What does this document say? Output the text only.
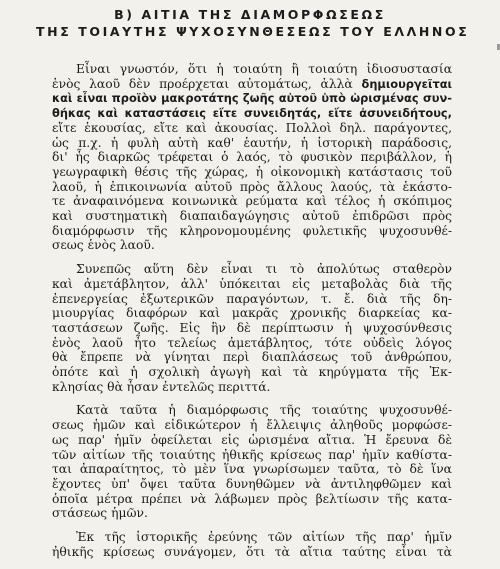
Β) ΑΙΤΙΑ ΤΗΣ ΔΙΑΜΟΡΦΩΣΕΩΣ
ΤΗΣ ΤΟΙΑΥΤΗΣ ΨΥΧΟΣΥΝΘΕΣΕΩΣ ΤΟΥ ΕΛΛΗΝΟΣ
Εἶναι γνωστόν, ὅτι ἡ τοιαύτη ἢ τοιαύτη ἰδιοσυστασία
ἑνὸς λαοῦ δὲν προέρχεται αὐτομάτως, ἀλλὰ δημιουργεῖται
καὶ εἶναι προϊὸν μακροτάτης ζωῆς αὐτοῦ ὑπὸ ὡρισμένας συν-
θήκας καὶ καταστάσεις εἴτε συνειδητάς, εἴτε ἀσυνειδήτους,
εἴτε ἑκουσίας, εἴτε καὶ ἀκουσίας. Πολλοὶ δηλ. παράγοντες,
ὡς π.χ. ἡ φυλὴ αὐτὴ καθ' ἑαυτήν, ἡ ἱστορικὴ παράδοσις,
δι' ἧς διαρκῶς τρέφεται ὁ λαός, τὸ φυσικὸν περιβάλλον, ἡ
γεωγραφικὴ θέσις τῆς χώρας, ἡ οἰκονομικὴ κατάστασις τοῦ
λαοῦ, ἡ ἐπικοινωνία αὐτοῦ πρὸς ἄλλους λαούς, τὰ ἑκάστο-
τε ἀναφαινόμενα κοινωνικὰ ρεύματα καὶ τέλος ἡ σκόπιμος
καὶ συστηματικὴ διαπαιδαγώγησις αὐτοῦ ἐπιδρῶσι πρὸς
διαμόρφωσιν τῆς κληρονομουμένης φυλετικῆς ψυχοσυνθέ-
σεως ἑνὸς λαοῦ.
Συνεπῶς αὕτη δὲν εἶναι τι τὸ ἀπολύτως σταθερὸν
καὶ ἀμετάβλητον, ἀλλ' ὑπόκειται εἰς μεταβολὰς διὰ τῆς
ἐπενεργείας ἐξωτερικῶν παραγόντων, τ. ἔ. διὰ τῆς δη-
μιουργίας διαφόρων καὶ μακρᾶς χρονικῆς διαρκείας κα-
ταστάσεων ζωῆς. Εἰς ἣν δὲ περίπτωσιν ἡ ψυχοσύνθεσις
ἑνὸς λαοῦ ἦτο τελείως ἀμετάβλητος, τότε οὐδεὶς λόγος
θὰ ἔπρεπε νὰ γίνηται περὶ διαπλάσεως τοῦ ἀνθρώπου,
ὁπότε καὶ ἡ σχολικὴ ἀγωγὴ καὶ τὰ κηρύγματα τῆς Ἐκ-
κλησίας θὰ ἦσαν ἐντελῶς περιττά.
Κατὰ ταῦτα ἡ διαμόρφωσις τῆς τοιαύτης ψυχοσυνθέ-
σεως ἡμῶν καὶ εἰδικώτερον ἡ ἔλλειψις ἀληθοῦς μορφώσε-
ως παρ' ἡμῖν ὀφείλεται εἰς ὡρισμένα αἴτια. Ἡ ἔρευνα δὲ
τῶν αἰτίων τῆς τοιαύτης ἠθικῆς κρίσεως παρ' ἡμῖν καθίστα-
ται ἀπαραίτητος, τὸ μὲν ἵνα γνωρίσωμεν ταῦτα, τὸ δὲ ἵνα
ἔχοντες ὑπ' ὄψει ταῦτα δυνηθῶμεν νὰ ἀντιληφθῶμεν καὶ
ὁποῖα μέτρα πρέπει νὰ λάβωμεν πρὸς βελτίωσιν τῆς κατα-
στάσεως ἡμῶν.
Ἐκ τῆς ἱστορικῆς ἐρεύνης τῶν αἰτίων τῆς παρ' ἡμῖν
ἠθικῆς κρίσεως συνάγομεν, ὅτι τὰ αἴτια ταύτης εἶναι τὰ
